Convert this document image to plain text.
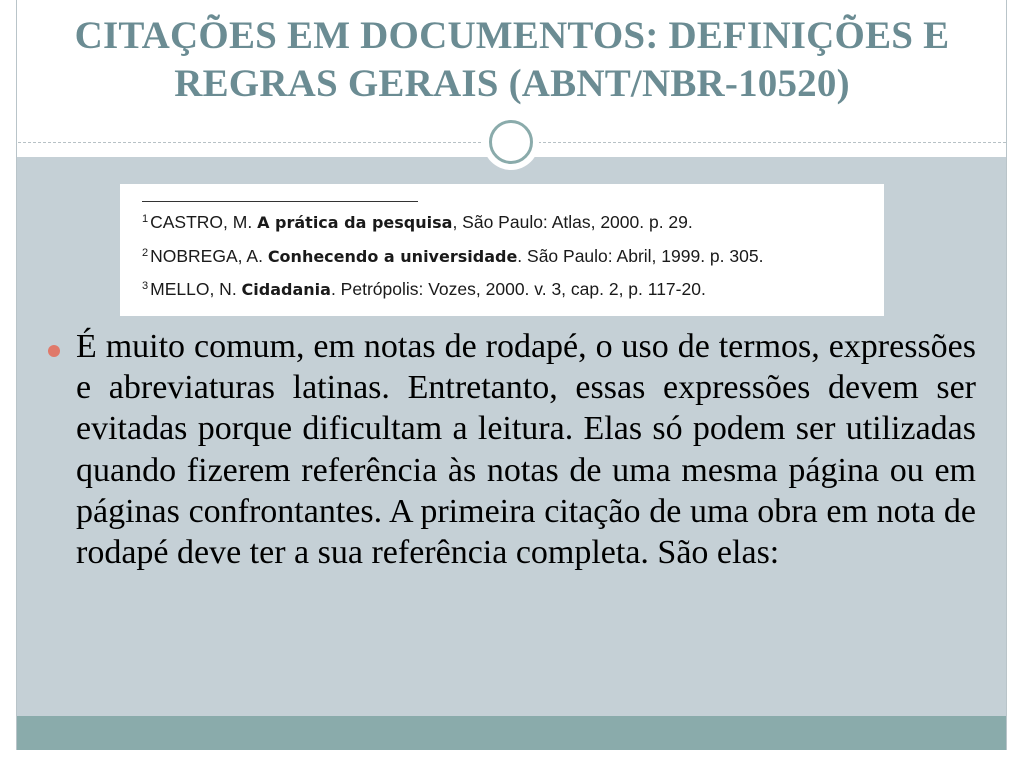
CITAÇÕES EM DOCUMENTOS: DEFINIÇÕES E REGRAS GERAIS (ABNT/NBR-10520)
$^1$ CASTRO, M. A prática da pesquisa, São Paulo: Atlas, 2000. p. 29.
$^2$ NOBREGA, A. Conhecendo a universidade. São Paulo: Abril, 1999. p. 305.
$^3$ MELLO, N. Cidadania. Petrópolis: Vozes, 2000. v. 3, cap. 2, p. 117-20.

É muito comum, em notas de rodapé, o uso de termos, expressões e abreviaturas latinas. Entretanto, essas expressões devem ser evitadas porque dificultam a leitura. Elas só podem ser utilizadas quando fizerem referência às notas de uma mesma página ou em páginas confrontantes. A primeira citação de uma obra em nota de rodapé deve ter a sua referência completa. São elas:
